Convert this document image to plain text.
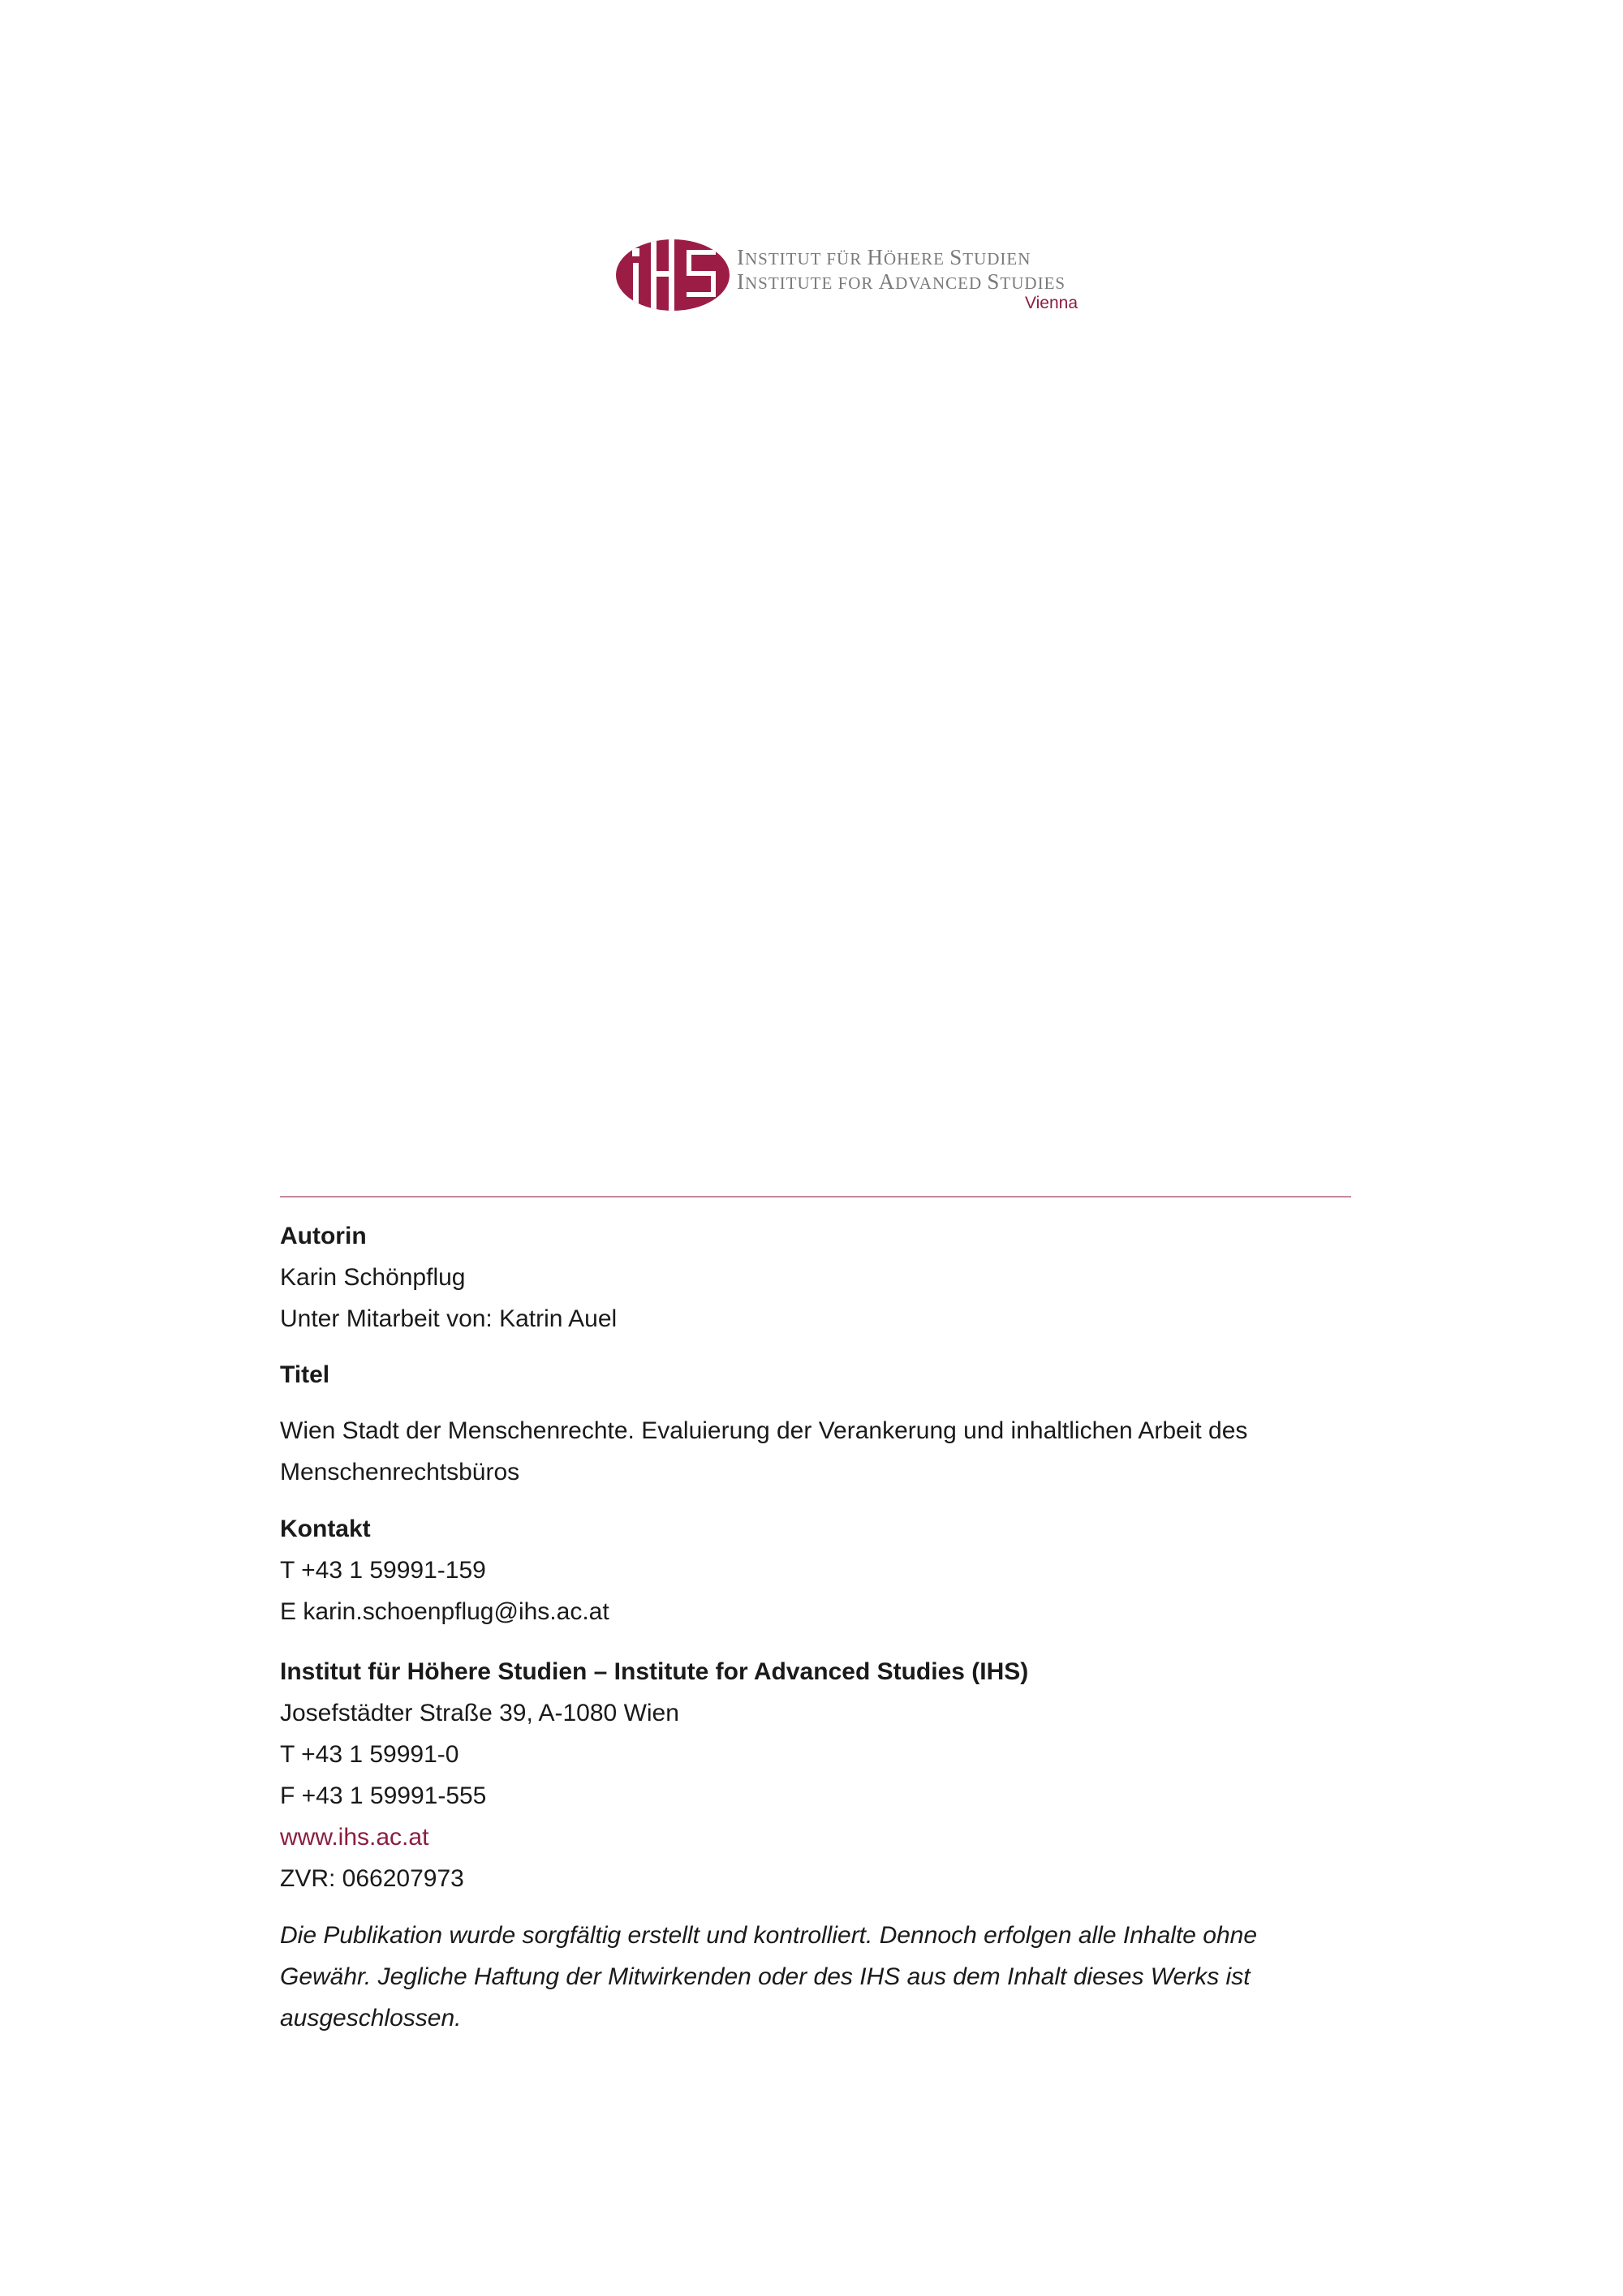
INSTITUT FÜR HÖHERE STUDIEN
INSTITUTE FOR ADVANCED STUDIES
Vienna

Autorin

Karin Schönpflug

Unter Mitarbeit von: Katrin Auel

Titel

Wien Stadt der Menschenrechte. Evaluierung der Verankerung und inhaltlichen Arbeit des

Menschenrechtsbüros

Kontakt

T +43 1 59991-159

E karin.schoenpflug@ihs.ac.at

Institut für Höhere Studien – Institute for Advanced Studies (IHS)

Josefstädter Straße 39, A-1080 Wien

T +43 1 59991-0

F +43 1 59991-555

www.ihs.ac.at

ZVR: 066207973

Die Publikation wurde sorgfältig erstellt und kontrolliert. Dennoch erfolgen alle Inhalte ohne

Gewähr. Jegliche Haftung der Mitwirkenden oder des IHS aus dem Inhalt dieses Werks ist

ausgeschlossen.
